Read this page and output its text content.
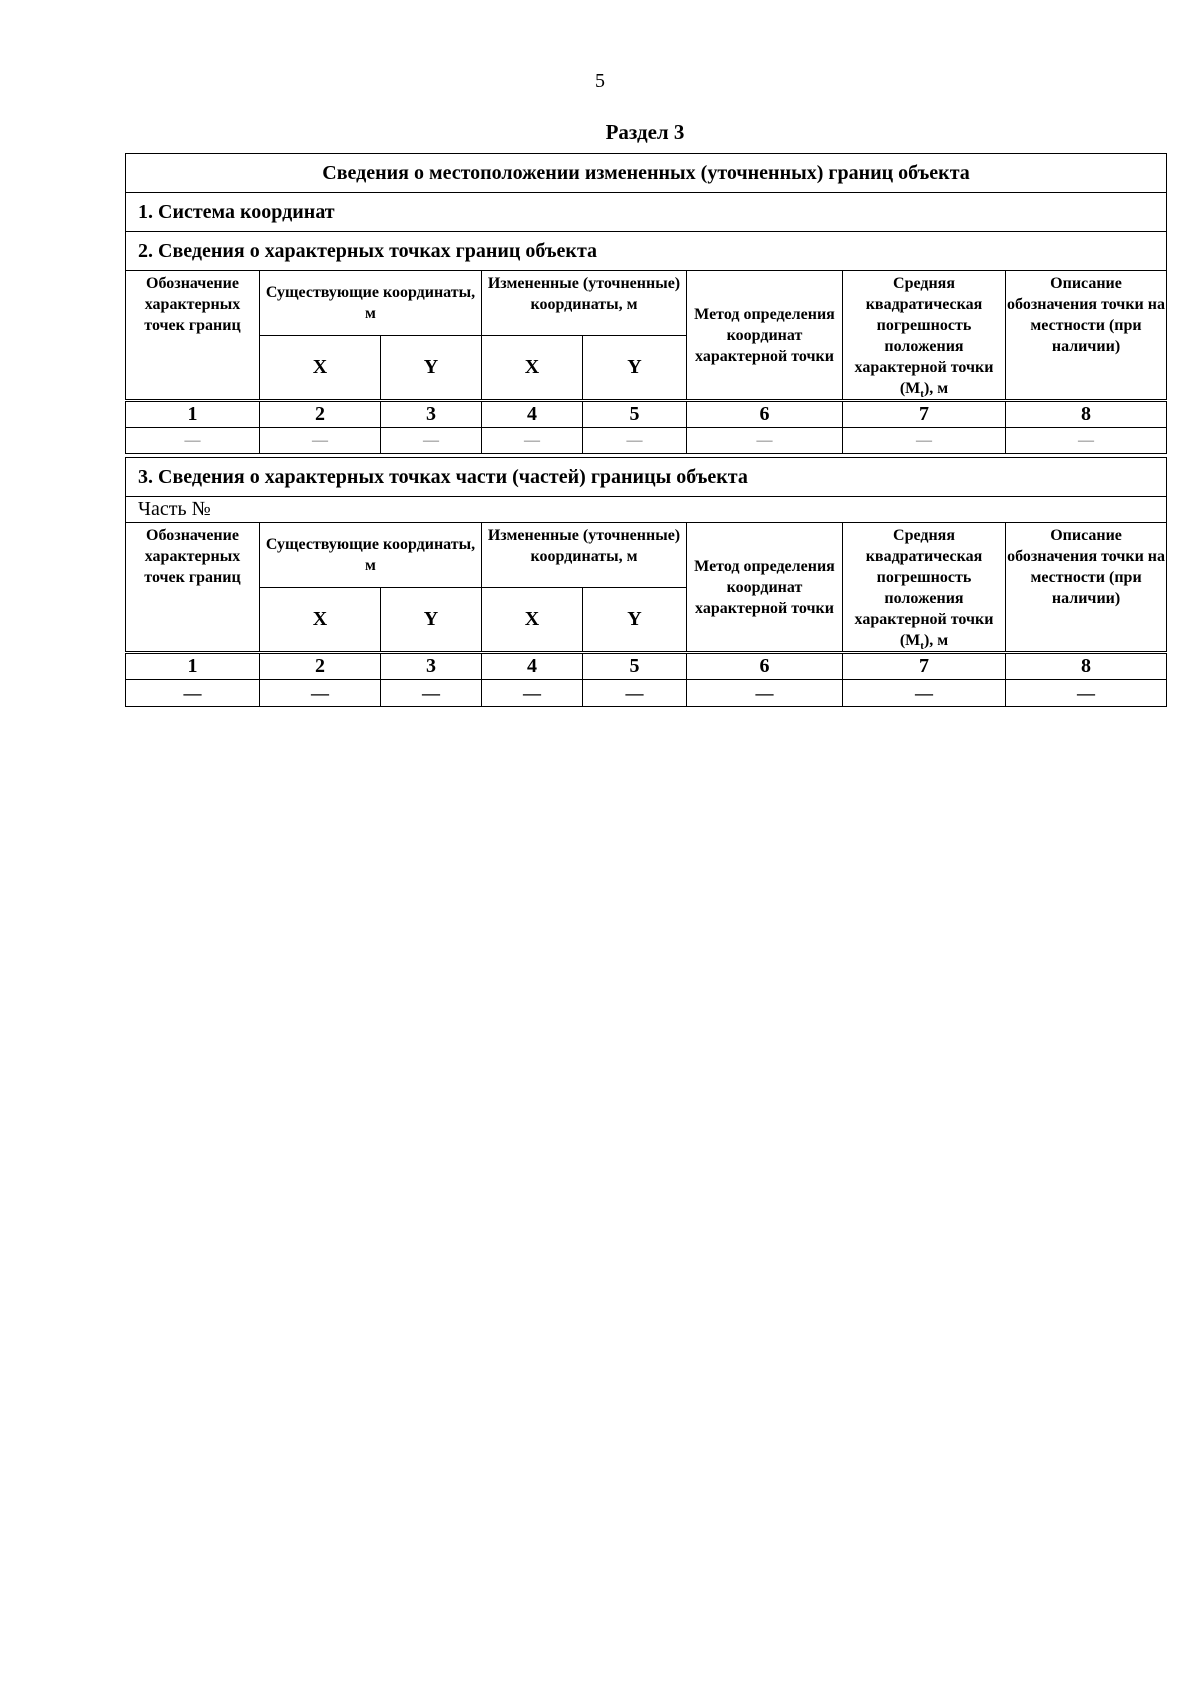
5
Раздел 3
Сведения о местоположении измененных (уточненных) границ объекта							
1. Система координат							
2. Сведения о характерных точках границ объекта							
Обозначение характерных точек границ	Существующие координаты, м		Измененные (уточненные) координаты, м		Метод определения координат характерной точки	Средняя квадратическая погрешность положения характерной точки $(M_t)$, м	Описание обозначения точки на местности (при наличии)
	X	Y	X	Y			
1	2	3	4	5	6	7	8
—	—	—	—	—	—	—	—
3. Сведения о характерных точках части (частей) границы объекта							
Часть №							
Обозначение характерных точек границ	Существующие координаты, м		Измененные (уточненные) координаты, м		Метод определения координат характерной точки	Средняя квадратическая погрешность положения характерной точки $(M_t)$, м	Описание обозначения точки на местности (при наличии)
	X	Y	X	Y			
1	2	3	4	5	6	7	8
—	—	—	—	—	—	—	—
